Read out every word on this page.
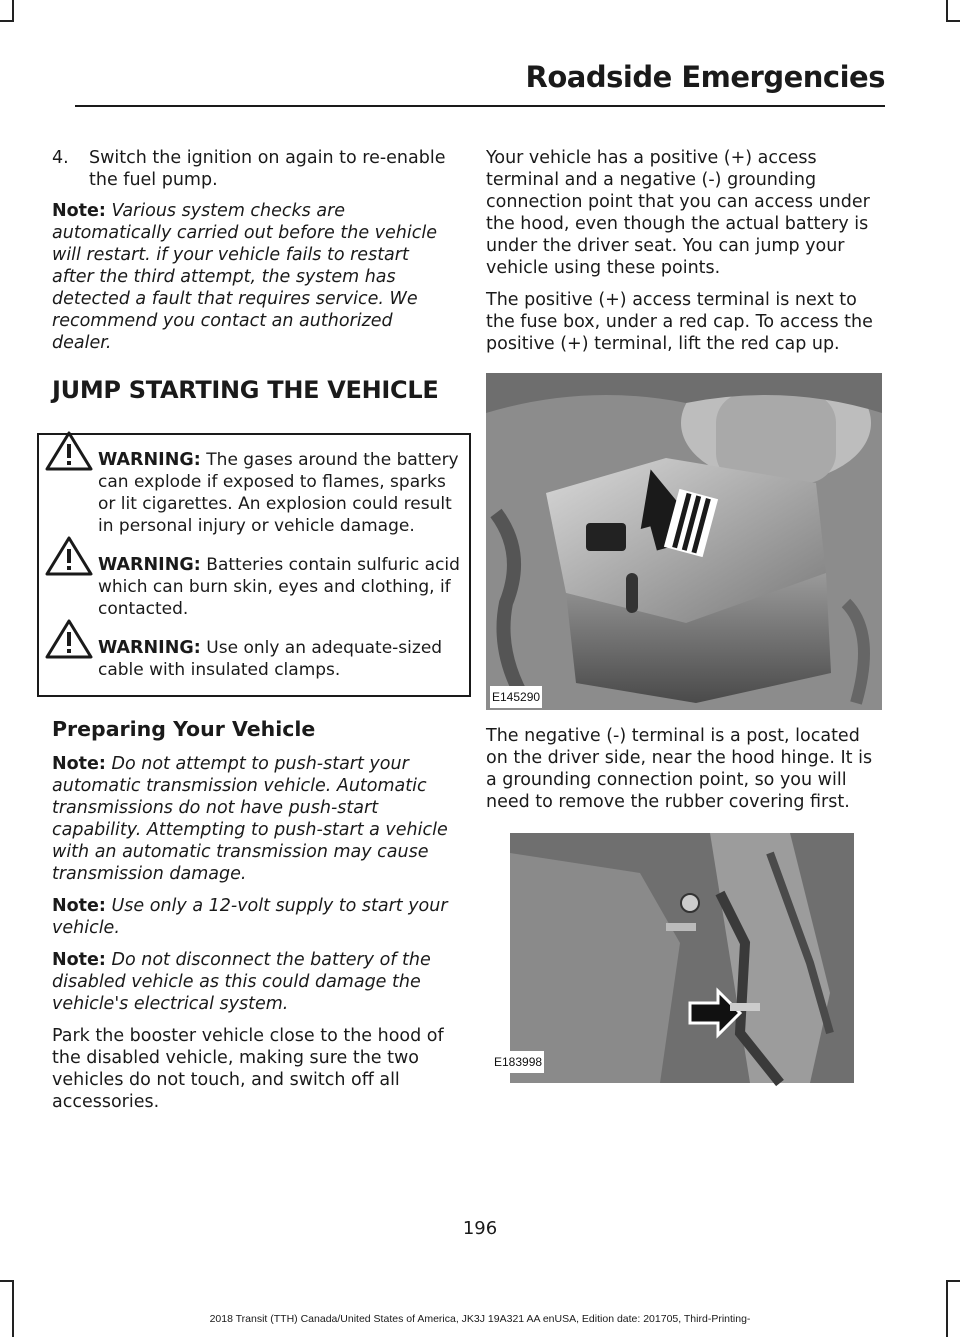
Roadside Emergencies
4.	Switch the ignition on again to re-enable the fuel pump.

Note: Various system checks are automatically carried out before the vehicle will restart. if your vehicle fails to restart after the third attempt, the system has detected a fault that requires service. We recommend you contact an authorized dealer.

JUMP STARTING THE VEHICLE
WARNING: The gases around the battery can explode if exposed to flames, sparks or lit cigarettes. An explosion could result in personal injury or vehicle damage.
WARNING: Batteries contain sulfuric acid which can burn skin, eyes and clothing, if contacted.
WARNING: Use only an adequate-sized cable with insulated clamps.
Preparing Your Vehicle

Note: Do not attempt to push-start your automatic transmission vehicle. Automatic transmissions do not have push-start capability. Attempting to push-start a vehicle with an automatic transmission may cause transmission damage.

Note: Use only a 12-volt supply to start your vehicle.

Note: Do not disconnect the battery of the disabled vehicle as this could damage the vehicle's electrical system.

Park the booster vehicle close to the hood of the disabled vehicle, making sure the two vehicles do not touch, and switch off all accessories.

Your vehicle has a positive (+) access terminal and a negative (-) grounding connection point that you can access under the hood, even though the actual battery is under the driver seat. You can jump your vehicle using these points.

The positive (+) access terminal is next to the fuse box, under a red cap. To access the positive (+) terminal, lift the red cap up.

E145290

The negative (-) terminal is a post, located on the driver side, near the hood hinge. It is a grounding connection point, so you will need to remove the rubber covering first.

E183998
196
2018 Transit (TTH) Canada/United States of America, JK3J 19A321 AA enUSA, Edition date: 201705, Third-Printing-
